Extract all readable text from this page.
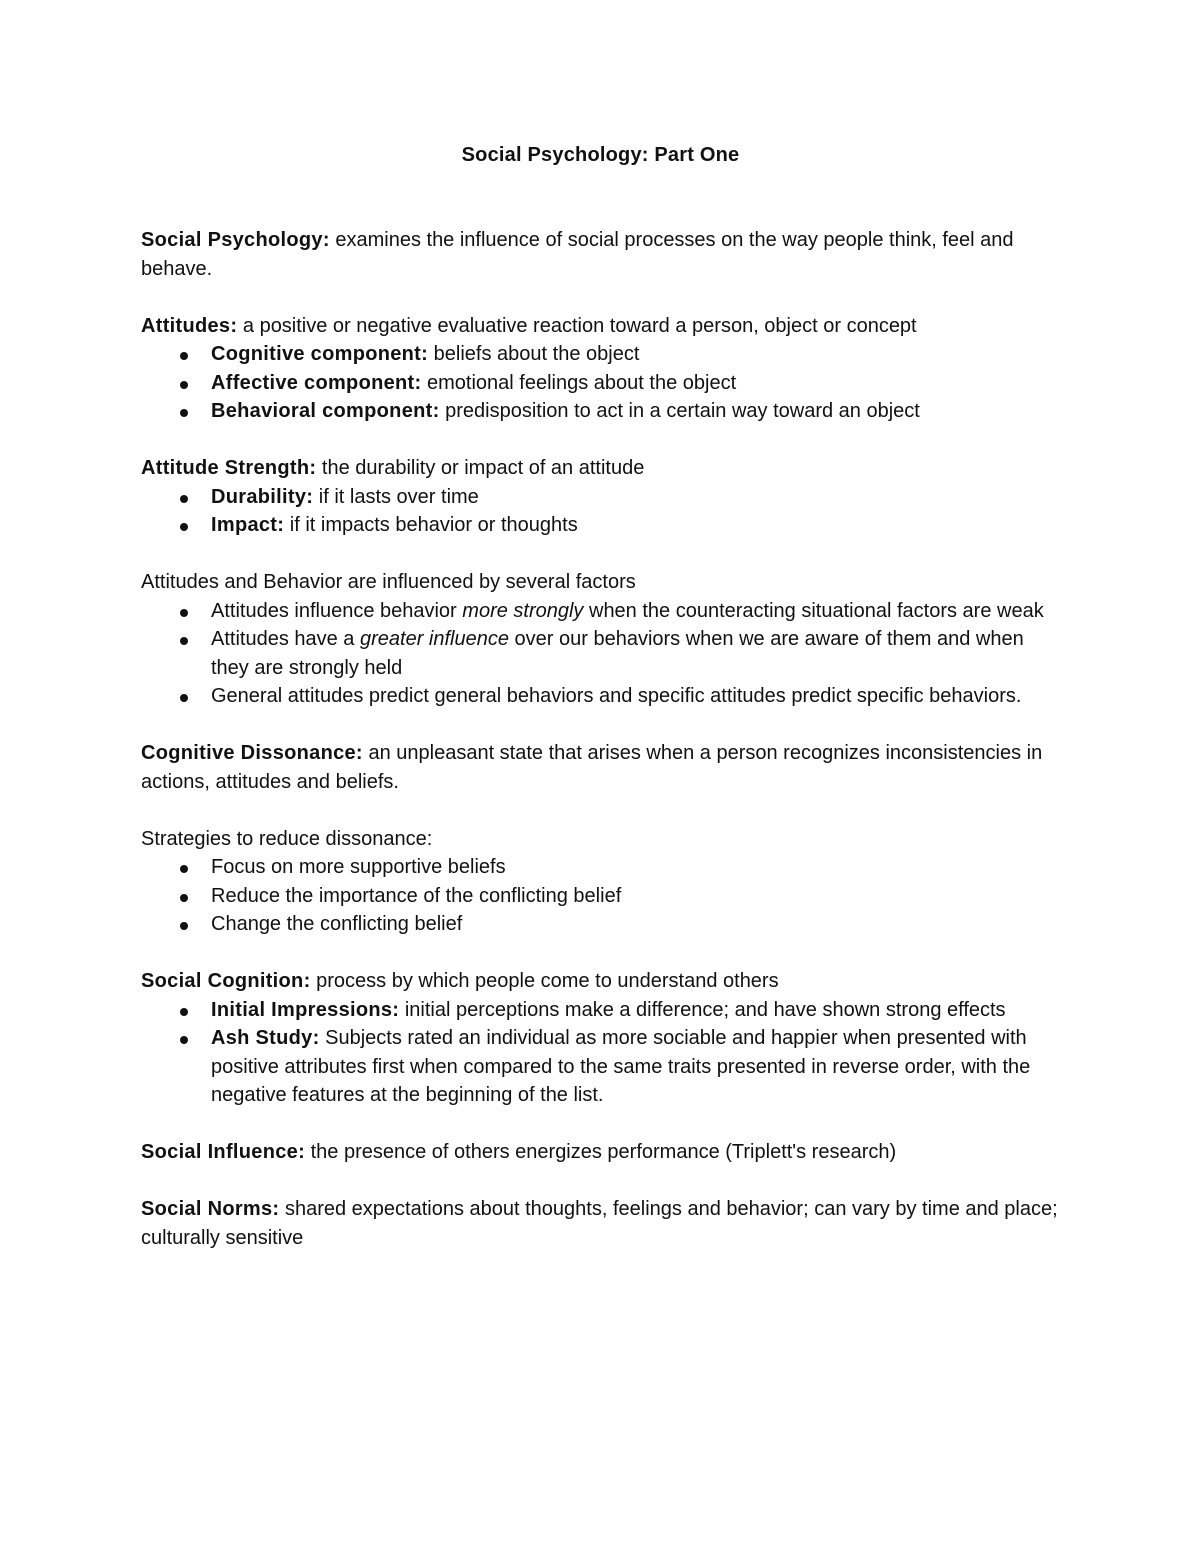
Social Psychology: Part One

Social Psychology: examines the influence of social processes on the way people think, feel and behave.

Attitudes: a positive or negative evaluative reaction toward a person, object or concept

Cognitive component: beliefs about the object
Affective component: emotional feelings about the object
Behavioral component: predisposition to act in a certain way toward an object

Attitude Strength: the durability or impact of an attitude

Durability: if it lasts over time
Impact: if it impacts behavior or thoughts

Attitudes and Behavior are influenced by several factors

Attitudes influence behavior more strongly when the counteracting situational factors are weak
Attitudes have a greater influence over our behaviors when we are aware of them and when they are strongly held
General attitudes predict general behaviors and specific attitudes predict specific behaviors.

Cognitive Dissonance: an unpleasant state that arises when a person recognizes inconsistencies in actions, attitudes and beliefs.

Strategies to reduce dissonance:

Focus on more supportive beliefs
Reduce the importance of the conflicting belief
Change the conflicting belief

Social Cognition: process by which people come to understand others

Initial Impressions: initial perceptions make a difference; and have shown strong effects
Ash Study: Subjects rated an individual as more sociable and happier when presented with positive attributes first when compared to the same traits presented in reverse order, with the negative features at the beginning of the list.

Social Influence: the presence of others energizes performance (Triplett's research)

Social Norms: shared expectations about thoughts, feelings and behavior; can vary by time and place; culturally sensitive
